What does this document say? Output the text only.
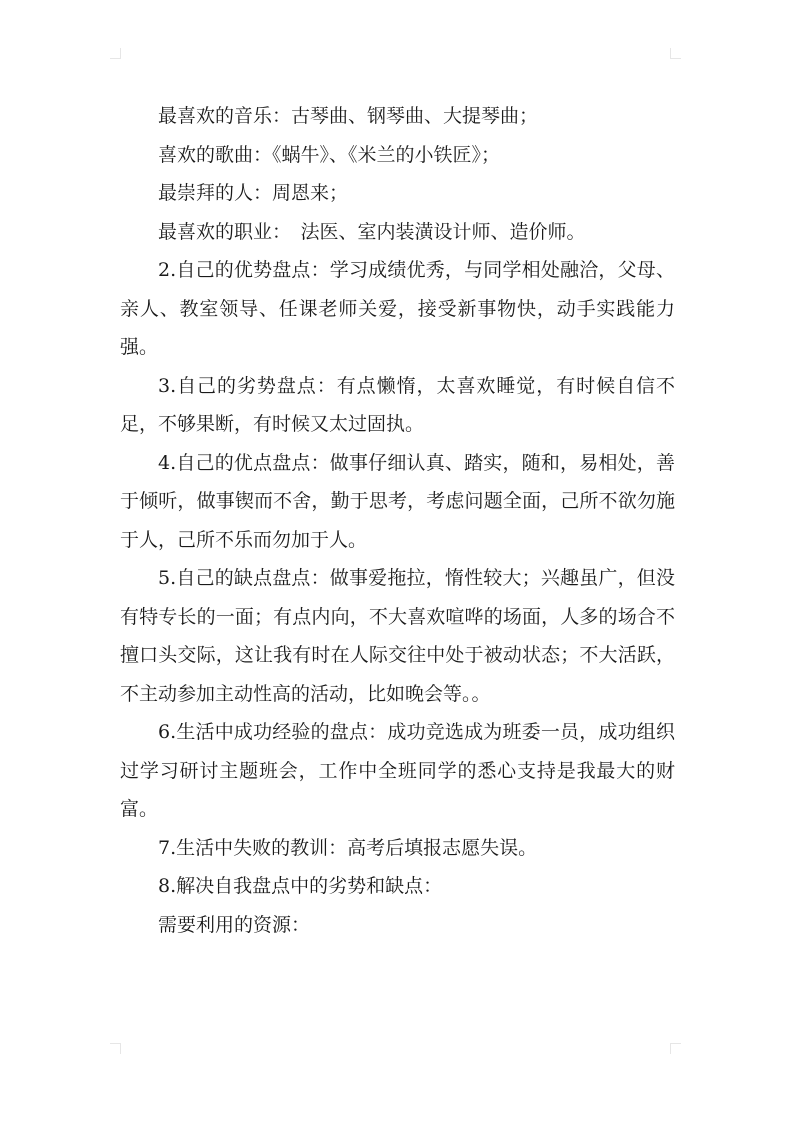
最喜欢的音乐：古琴曲、钢琴曲、大提琴曲；

喜欢的歌曲：《蜗牛》、《米兰的小铁匠》；

最崇拜的人：周恩来；

最喜欢的职业：　法医、室内装潢设计师、造价师。

2.自己的优势盘点：学习成绩优秀，与同学相处融洽，父母、亲人、教室领导、任课老师关爱，接受新事物快，动手实践能力强。

3.自己的劣势盘点：有点懒惰，太喜欢睡觉，有时候自信不足，不够果断，有时候又太过固执。

4.自己的优点盘点：做事仔细认真、踏实，随和，易相处，善于倾听，做事锲而不舍，勤于思考，考虑问题全面，己所不欲勿施于人，己所不乐而勿加于人。

5.自己的缺点盘点：做事爱拖拉，惰性较大；兴趣虽广，但没有特专长的一面；有点内向，不大喜欢喧哗的场面，人多的场合不擅口头交际，这让我有时在人际交往中处于被动状态；不大活跃，不主动参加主动性高的活动，比如晚会等。。

6.生活中成功经验的盘点：成功竞选成为班委一员，成功组织过学习研讨主题班会，工作中全班同学的悉心支持是我最大的财富。

7.生活中失败的教训：高考后填报志愿失误。

8.解决自我盘点中的劣势和缺点：

需要利用的资源：
